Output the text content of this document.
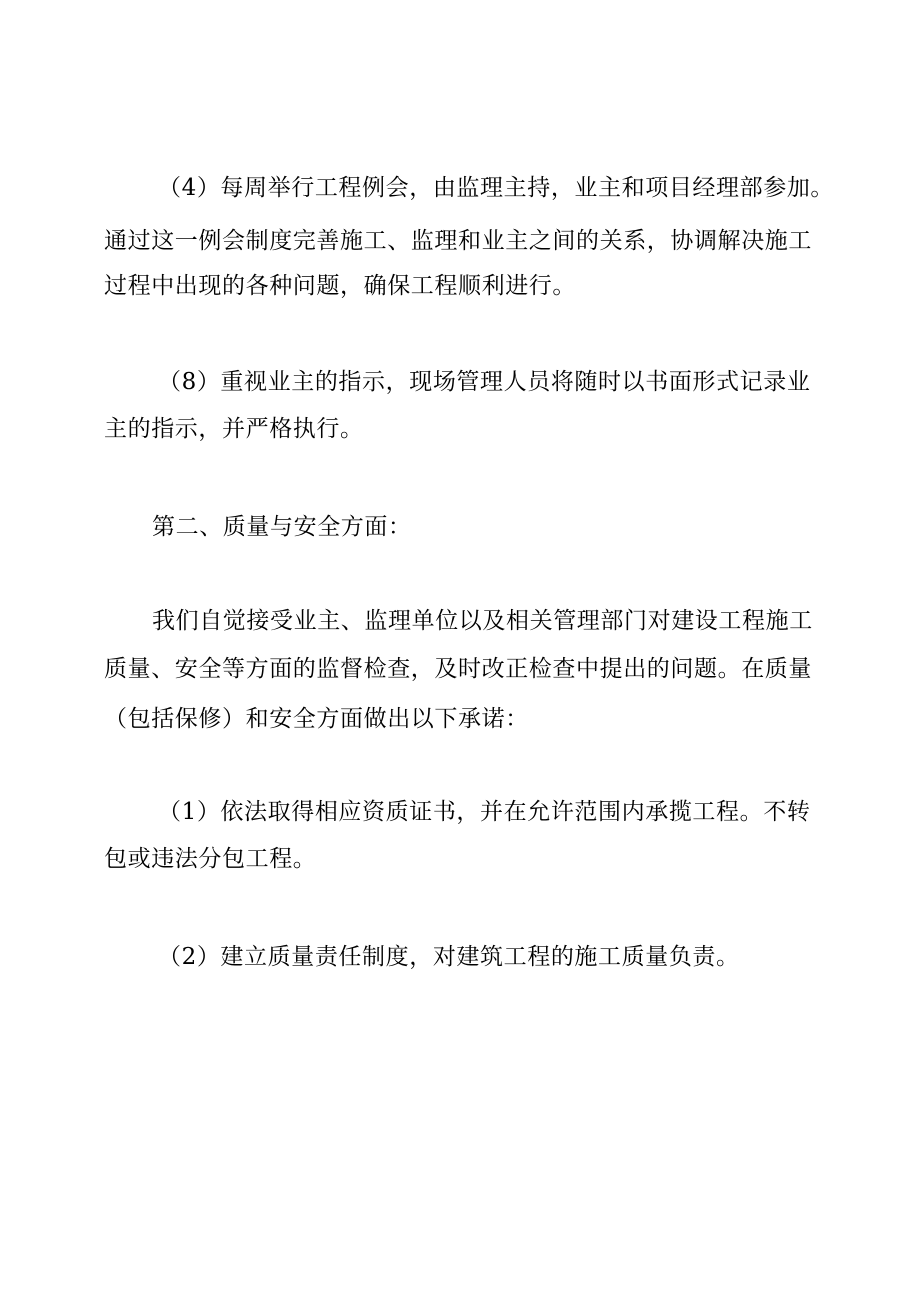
（4）每周举行工程例会，由监理主持，业主和项目经理部参加。
通过这一例会制度完善施工、监理和业主之间的关系，协调解决施工
过程中出现的各种问题，确保工程顺利进行。
（8）重视业主的指示，现场管理人员将随时以书面形式记录业
主的指示，并严格执行。
第二、质量与安全方面：
我们自觉接受业主、监理单位以及相关管理部门对建设工程施工
质量、安全等方面的监督检查，及时改正检查中提出的问题。在质量
（包括保修）和安全方面做出以下承诺：
（1）依法取得相应资质证书，并在允许范围内承揽工程。不转
包或违法分包工程。
（2）建立质量责任制度，对建筑工程的施工质量负责。
